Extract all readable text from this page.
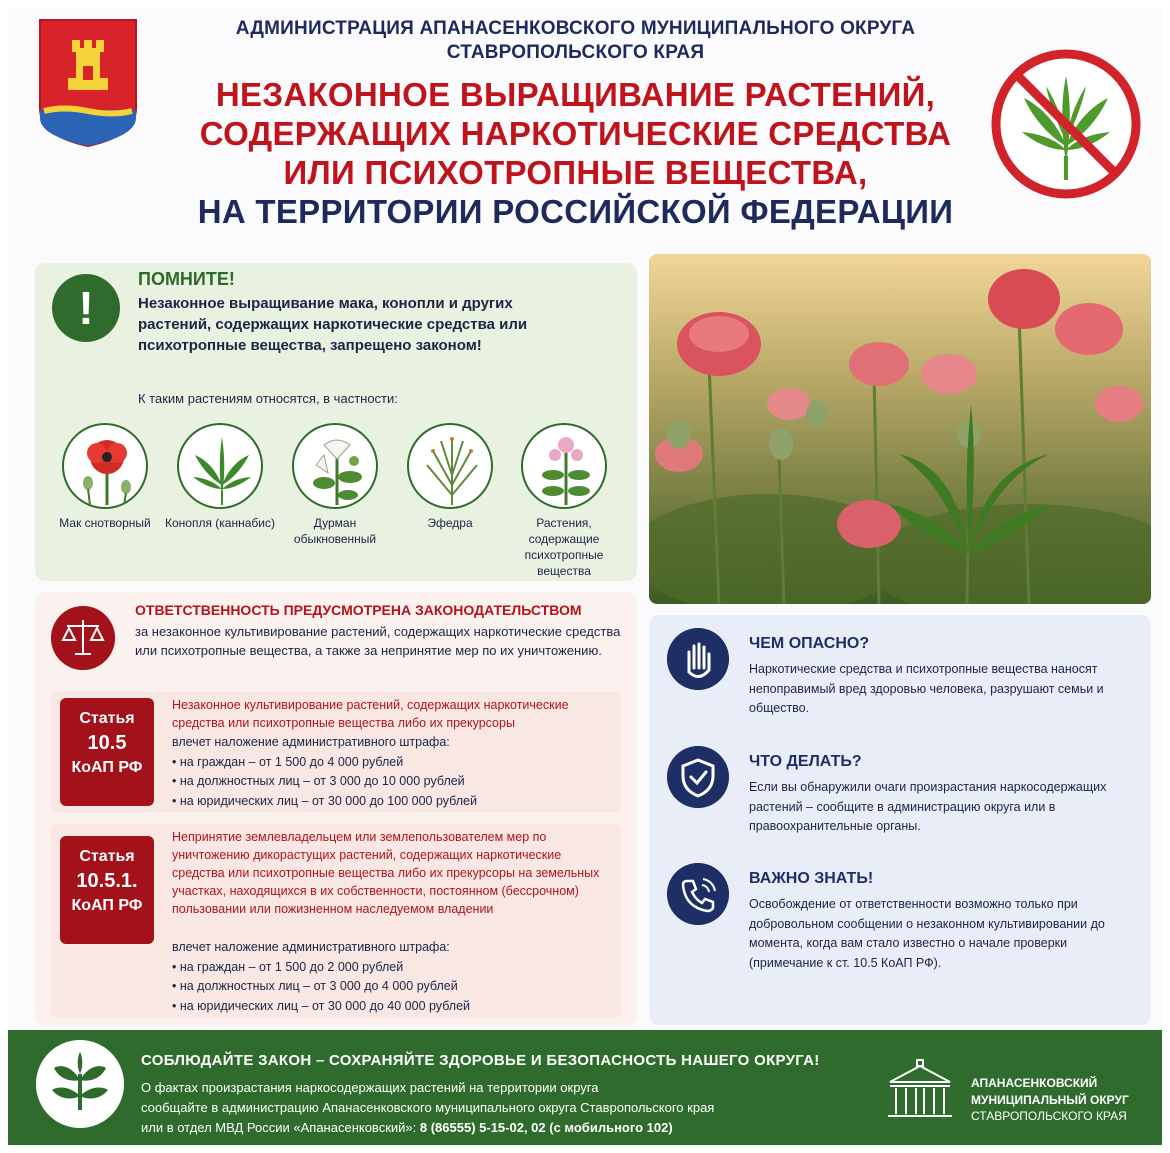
АДМИНИСТРАЦИЯ АПАНАСЕНКОВСКОГО МУНИЦИПАЛЬНОГО ОКРУГА
СТАВРОПОЛЬСКОГО КРАЯ
НЕЗАКОННОЕ ВЫРАЩИВАНИЕ РАСТЕНИЙ,
СОДЕРЖАЩИХ НАРКОТИЧЕСКИЕ СРЕДСТВА
ИЛИ ПСИХОТРОПНЫЕ ВЕЩЕСТВА,
НА ТЕРРИТОРИИ РОССИЙСКОЙ ФЕДЕРАЦИИ
!
ПОМНИТЕ!
Незаконное выращивание мака, конопли и других растений, содержащих наркотические средства или психотропные вещества, запрещено законом!
К таким растениям относятся, в частности:
Мак снотворный	Конопля (каннабис)	Дурман обыкновенный
Эфедра	Растения, содержащие психотропные вещества
ОТВЕТСТВЕННОСТЬ ПРЕДУСМОТРЕНА ЗАКОНОДАТЕЛЬСТВОМ
за незаконное культивирование растений, содержащих наркотические средства или психотропные вещества, а также за непринятие мер по их уничтожению.
Статья
10.5
КоАП РФ
Незаконное культивирование растений, содержащих наркотические средства или психотропные вещества либо их прекурсоры
влечет наложение административного штрафа:
• на граждан – от 1 500 до 4 000 рублей
• на должностных лиц – от 3 000 до 10 000 рублей
• на юридических лиц – от 30 000 до 100 000 рублей
Статья
10.5.1.
КоАП РФ
Непринятие землевладельцем или землепользователем мер по уничтожению дикорастущих растений, содержащих наркотические средства или психотропные вещества либо их прекурсоры на земельных участках, находящихся в их собственности, постоянном (бессрочном) пользовании или пожизненном наследуемом владении
влечет наложение административного штрафа:
• на граждан – от 1 500 до 2 000 рублей
• на должностных лиц – от 3 000 до 4 000 рублей
• на юридических лиц – от 30 000 до 40 000 рублей
ЧЕМ ОПАСНО?
Наркотические средства и психотропные вещества наносят непоправимый вред здоровью человека, разрушают семьи и общество.
ЧТО ДЕЛАТЬ?
Если вы обнаружили очаги произрастания наркосодержащих растений – сообщите в администрацию округа или в правоохранительные органы.
ВАЖНО ЗНАТЬ!
Освобождение от ответственности возможно только при добровольном сообщении о незаконном культивировании до момента, когда вам стало известно о начале проверки (примечание к ст. 10.5 КоАП РФ).
СОБЛЮДАЙТЕ ЗАКОН – СОХРАНЯЙТЕ ЗДОРОВЬЕ И БЕЗОПАСНОСТЬ НАШЕГО ОКРУГА!
О фактах произрастания наркосодержащих растений на территории округа
сообщайте в администрацию Апанасенковского муниципального округа Ставропольского края
или в отдел МВД России «Апанасенковский»: 8 (86555) 5-15-02, 02 (с мобильного 102)
АПАНАСЕНКОВСКИЙ
МУНИЦИПАЛЬНЫЙ ОКРУГ
СТАВРОПОЛЬСКОГО КРАЯ
